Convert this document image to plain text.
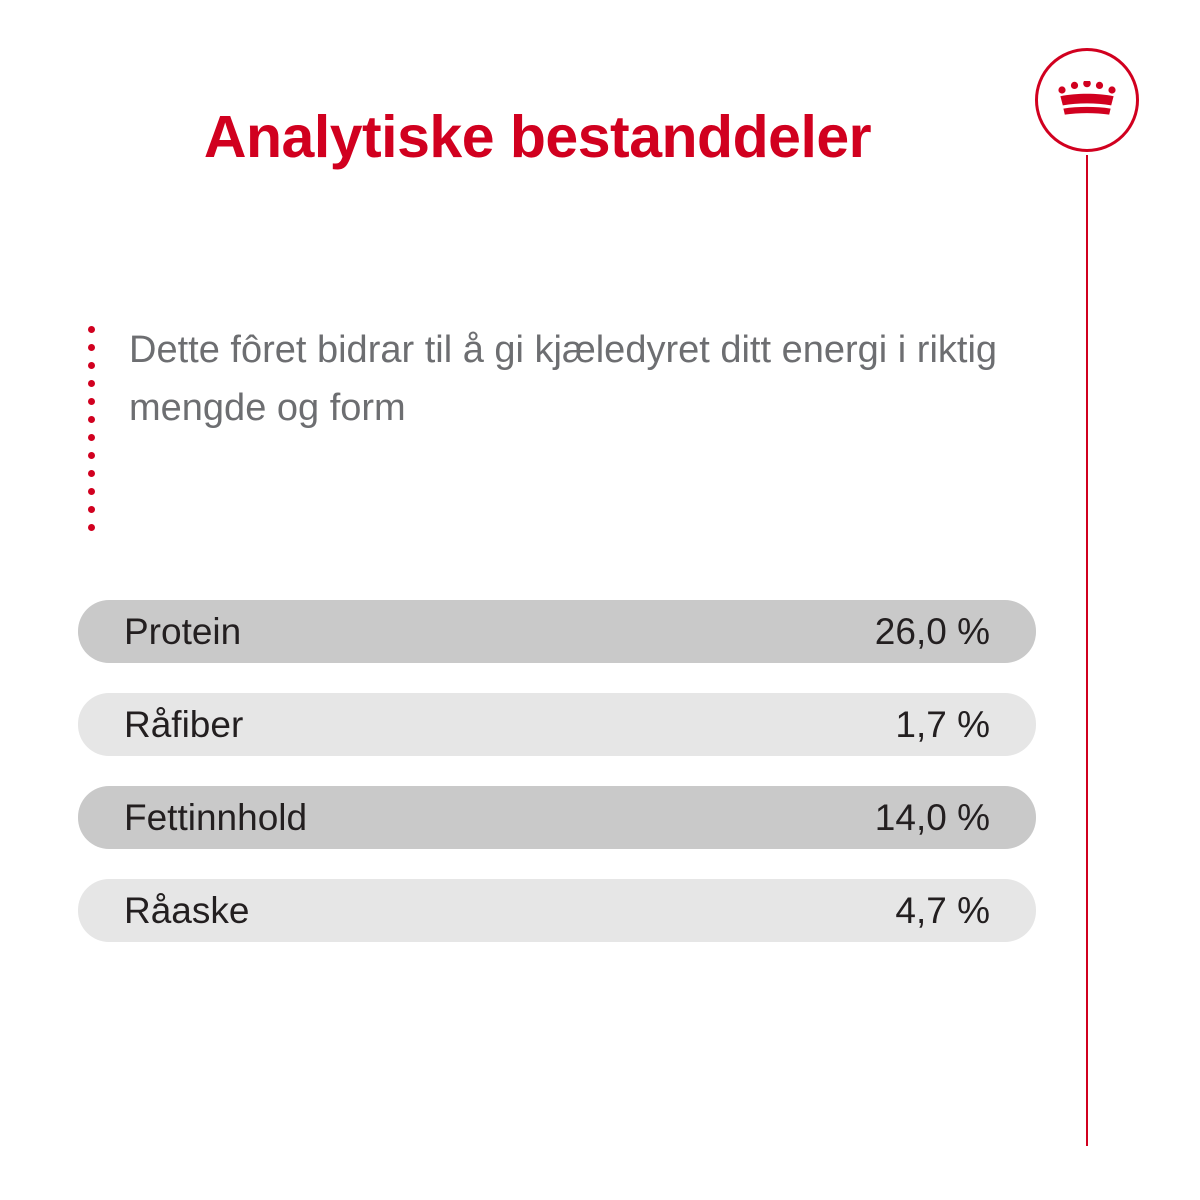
Analytiske bestanddeler
Dette fôret bidrar til å gi kjæledyret ditt energi i riktig mengde og form
Protein	26,0 %
Råfiber	1,7 %
Fettinnhold	14,0 %
Råaske	4,7 %
